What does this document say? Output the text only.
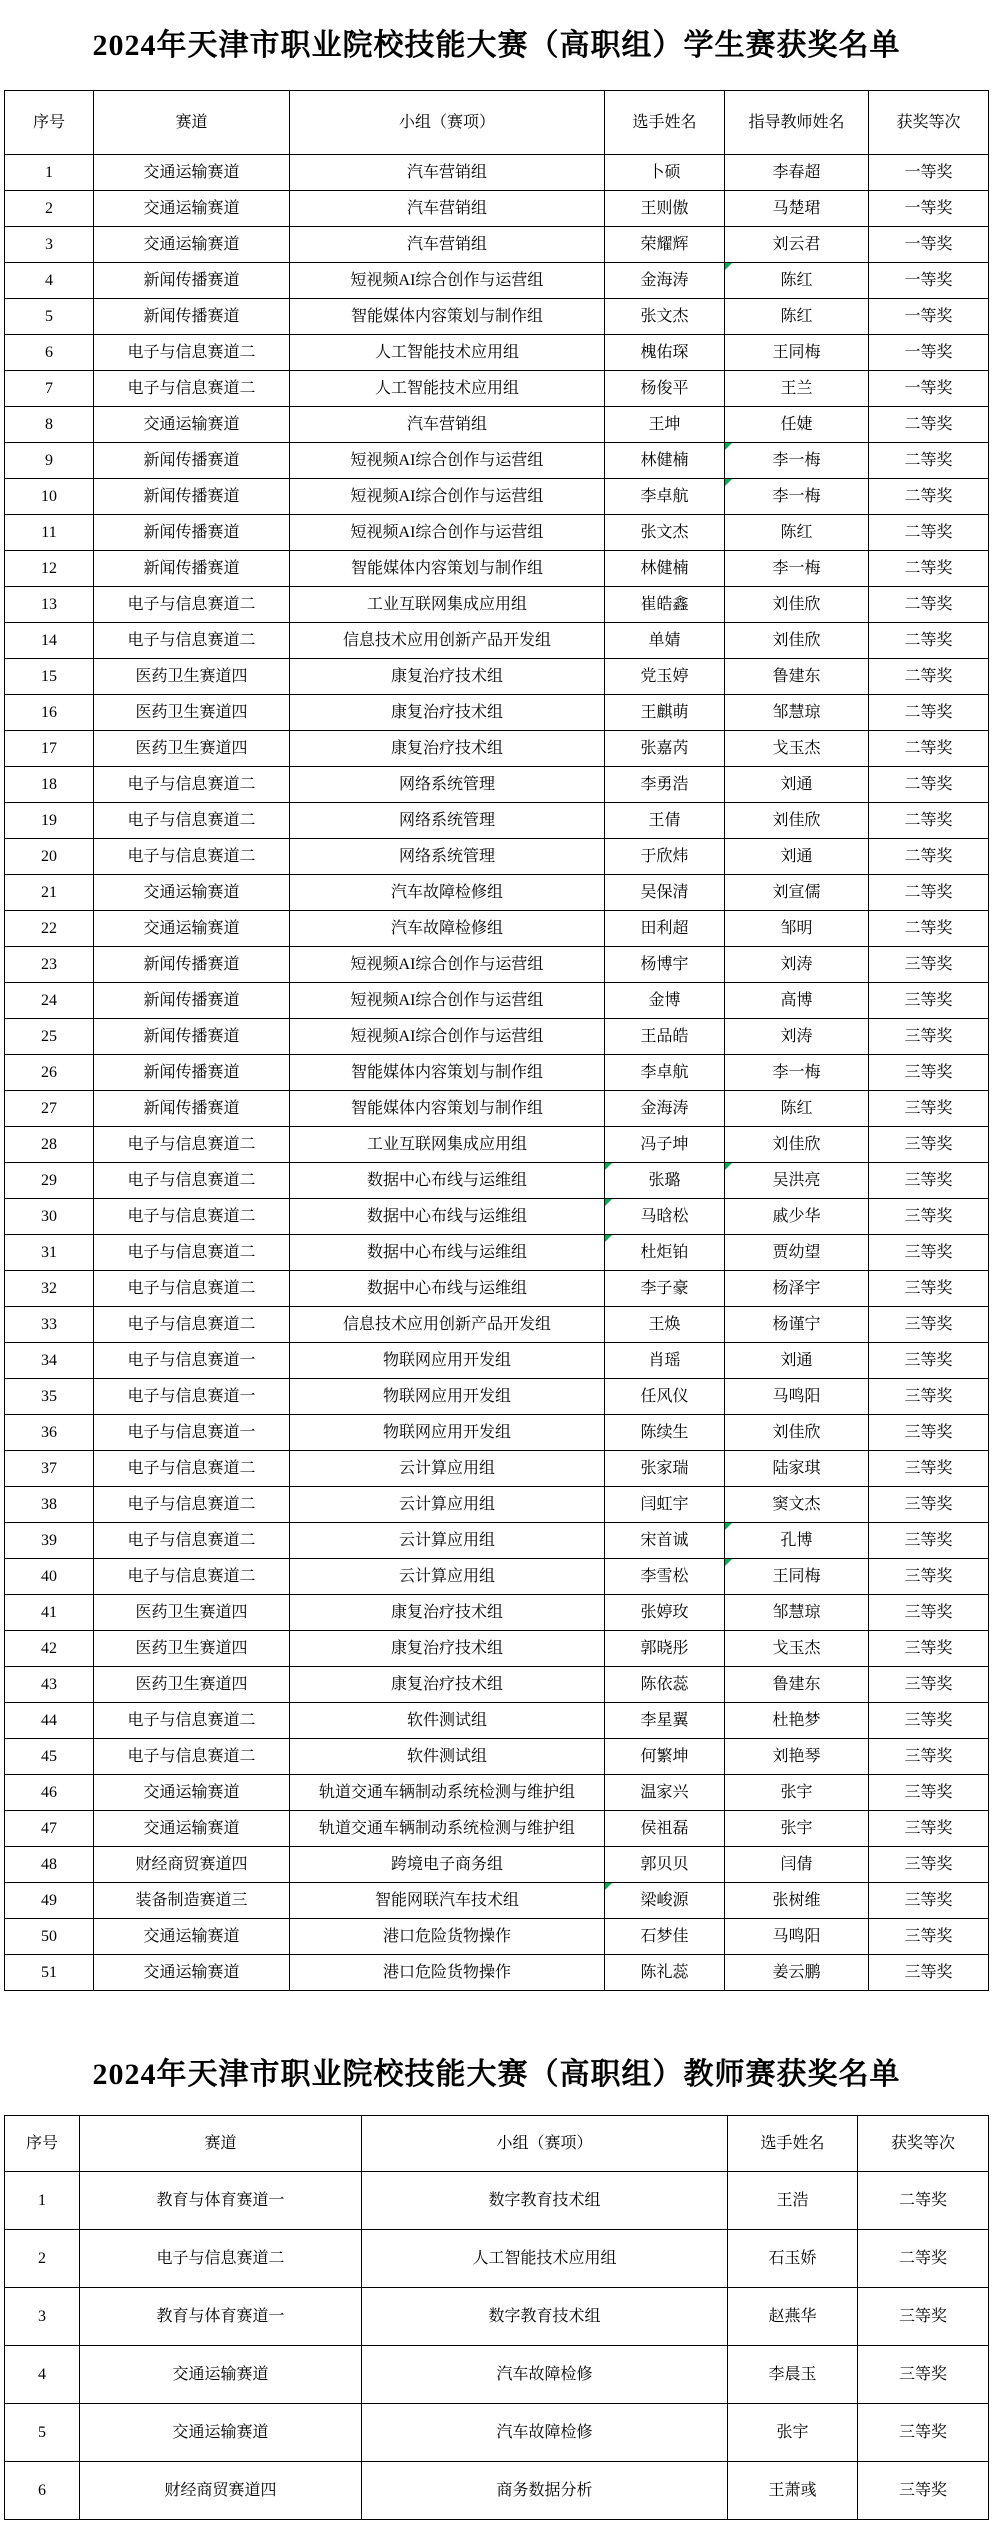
2024年天津市职业院校技能大赛（高职组）学生赛获奖名单
序号	赛道	小组（赛项）	选手姓名	指导教师姓名	获奖等次
1	交通运输赛道	汽车营销组	卜硕	李春超	一等奖
2	交通运输赛道	汽车营销组	王则傲	马楚珺	一等奖
3	交通运输赛道	汽车营销组	荣耀辉	刘云君	一等奖
4	新闻传播赛道	短视频AI综合创作与运营组	金海涛	陈红	一等奖
5	新闻传播赛道	智能媒体内容策划与制作组	张文杰	陈红	一等奖
6	电子与信息赛道二	人工智能技术应用组	槐佑琛	王同梅	一等奖
7	电子与信息赛道二	人工智能技术应用组	杨俊平	王兰	一等奖
8	交通运输赛道	汽车营销组	王坤	任婕	二等奖
9	新闻传播赛道	短视频AI综合创作与运营组	林健楠	李一梅	二等奖
10	新闻传播赛道	短视频AI综合创作与运营组	李卓航	李一梅	二等奖
11	新闻传播赛道	短视频AI综合创作与运营组	张文杰	陈红	二等奖
12	新闻传播赛道	智能媒体内容策划与制作组	林健楠	李一梅	二等奖
13	电子与信息赛道二	工业互联网集成应用组	崔皓鑫	刘佳欣	二等奖
14	电子与信息赛道二	信息技术应用创新产品开发组	单婧	刘佳欣	二等奖
15	医药卫生赛道四	康复治疗技术组	党玉婷	鲁建东	二等奖
16	医药卫生赛道四	康复治疗技术组	王麒萌	邹慧琼	二等奖
17	医药卫生赛道四	康复治疗技术组	张嘉芮	戈玉杰	二等奖
18	电子与信息赛道二	网络系统管理	李勇浩	刘通	二等奖
19	电子与信息赛道二	网络系统管理	王倩	刘佳欣	二等奖
20	电子与信息赛道二	网络系统管理	于欣炜	刘通	二等奖
21	交通运输赛道	汽车故障检修组	吴保清	刘宣儒	二等奖
22	交通运输赛道	汽车故障检修组	田利超	邹明	二等奖
23	新闻传播赛道	短视频AI综合创作与运营组	杨博宇	刘涛	三等奖
24	新闻传播赛道	短视频AI综合创作与运营组	金博	高博	三等奖
25	新闻传播赛道	短视频AI综合创作与运营组	王品皓	刘涛	三等奖
26	新闻传播赛道	智能媒体内容策划与制作组	李卓航	李一梅	三等奖
27	新闻传播赛道	智能媒体内容策划与制作组	金海涛	陈红	三等奖
28	电子与信息赛道二	工业互联网集成应用组	冯子坤	刘佳欣	三等奖
29	电子与信息赛道二	数据中心布线与运维组	张璐	吴洪亮	三等奖
30	电子与信息赛道二	数据中心布线与运维组	马晗松	戚少华	三等奖
31	电子与信息赛道二	数据中心布线与运维组	杜炬铂	贾幼望	三等奖
32	电子与信息赛道二	数据中心布线与运维组	李子豪	杨泽宇	三等奖
33	电子与信息赛道二	信息技术应用创新产品开发组	王焕	杨谨宁	三等奖
34	电子与信息赛道一	物联网应用开发组	肖瑶	刘通	三等奖
35	电子与信息赛道一	物联网应用开发组	任风仪	马鸣阳	三等奖
36	电子与信息赛道一	物联网应用开发组	陈续生	刘佳欣	三等奖
37	电子与信息赛道二	云计算应用组	张家瑞	陆家琪	三等奖
38	电子与信息赛道二	云计算应用组	闫虹宇	窦文杰	三等奖
39	电子与信息赛道二	云计算应用组	宋首诚	孔博	三等奖
40	电子与信息赛道二	云计算应用组	李雪松	王同梅	三等奖
41	医药卫生赛道四	康复治疗技术组	张婷玫	邹慧琼	三等奖
42	医药卫生赛道四	康复治疗技术组	郭晓彤	戈玉杰	三等奖
43	医药卫生赛道四	康复治疗技术组	陈依蕊	鲁建东	三等奖
44	电子与信息赛道二	软件测试组	李星翼	杜艳梦	三等奖
45	电子与信息赛道二	软件测试组	何繁坤	刘艳琴	三等奖
46	交通运输赛道	轨道交通车辆制动系统检测与维护组	温家兴	张宇	三等奖
47	交通运输赛道	轨道交通车辆制动系统检测与维护组	侯祖磊	张宇	三等奖
48	财经商贸赛道四	跨境电子商务组	郭贝贝	闫倩	三等奖
49	装备制造赛道三	智能网联汽车技术组	梁峻源	张树维	三等奖
50	交通运输赛道	港口危险货物操作	石梦佳	马鸣阳	三等奖
51	交通运输赛道	港口危险货物操作	陈礼蕊	姜云鹏	三等奖
2024年天津市职业院校技能大赛（高职组）教师赛获奖名单
序号	赛道	小组（赛项）	选手姓名	获奖等次
1	教育与体育赛道一	数字教育技术组	王浩	二等奖
2	电子与信息赛道二	人工智能技术应用组	石玉娇	二等奖
3	教育与体育赛道一	数字教育技术组	赵燕华	三等奖
4	交通运输赛道	汽车故障检修	李晨玉	三等奖
5	交通运输赛道	汽车故障检修	张宇	三等奖
6	财经商贸赛道四	商务数据分析	王萧彧	三等奖
